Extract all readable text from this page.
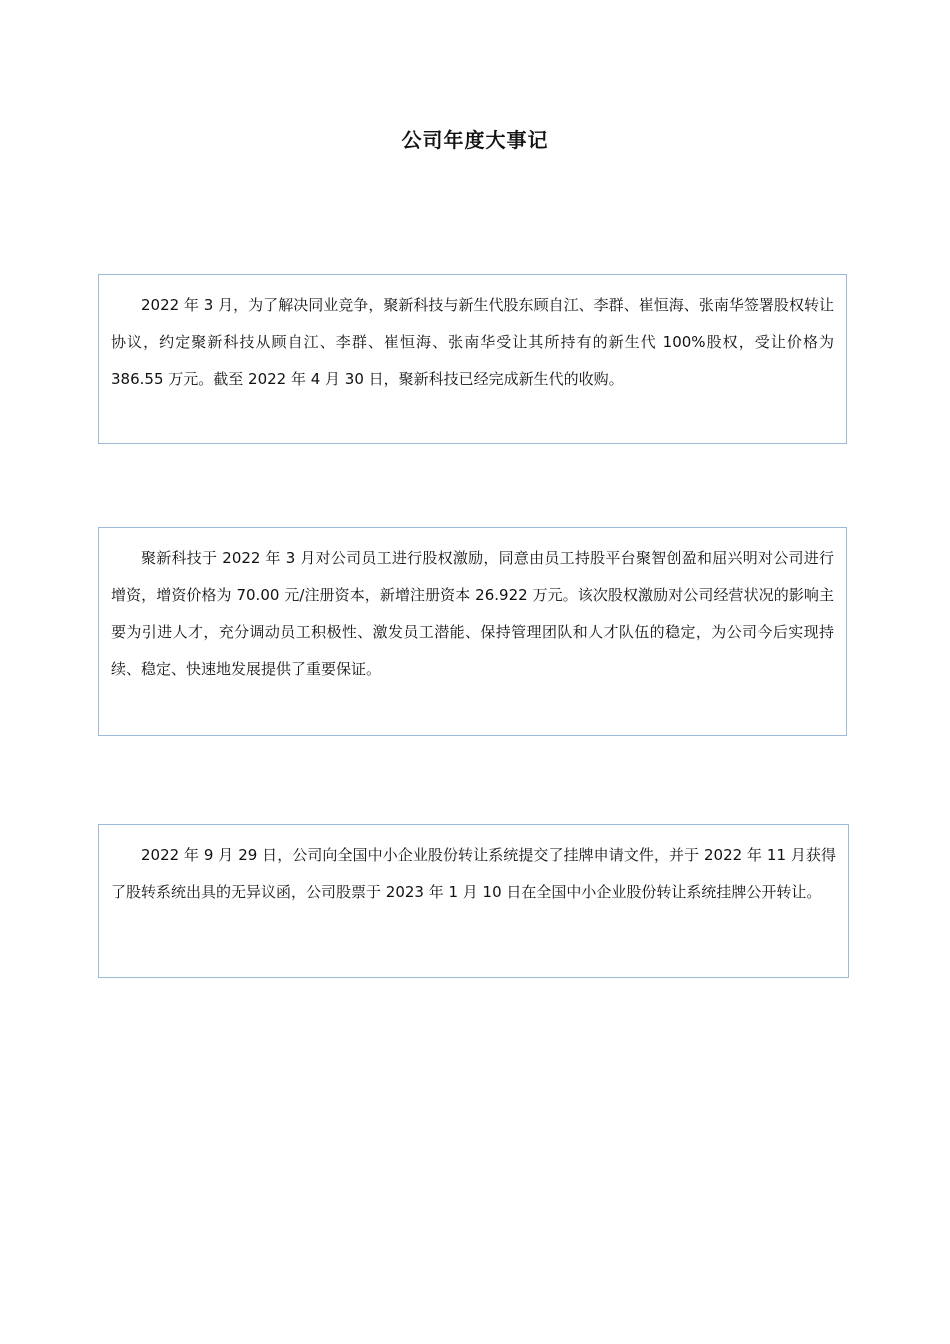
公司年度大事记

2022 年 3 月，为了解决同业竞争，聚新科技与新生代股东顾自江、李群、崔恒海、张南华签署股权转让协议，约定聚新科技从顾自江、李群、崔恒海、张南华受让其所持有的新生代 100%股权，受让价格为 386.55 万元。截至 2022 年 4 月 30 日，聚新科技已经完成新生代的收购。

聚新科技于 2022 年 3 月对公司员工进行股权激励，同意由员工持股平台聚智创盈和屈兴明对公司进行增资，增资价格为 70.00 元/注册资本，新增注册资本 26.922 万元。该次股权激励对公司经营状况的影响主要为引进人才，充分调动员工积极性、激发员工潜能、保持管理团队和人才队伍的稳定，为公司今后实现持续、稳定、快速地发展提供了重要保证。

2022 年 9 月 29 日，公司向全国中小企业股份转让系统提交了挂牌申请文件，并于 2022 年 11 月获得了股转系统出具的无异议函，公司股票于 2023 年 1 月 10 日在全国中小企业股份转让系统挂牌公开转让。
